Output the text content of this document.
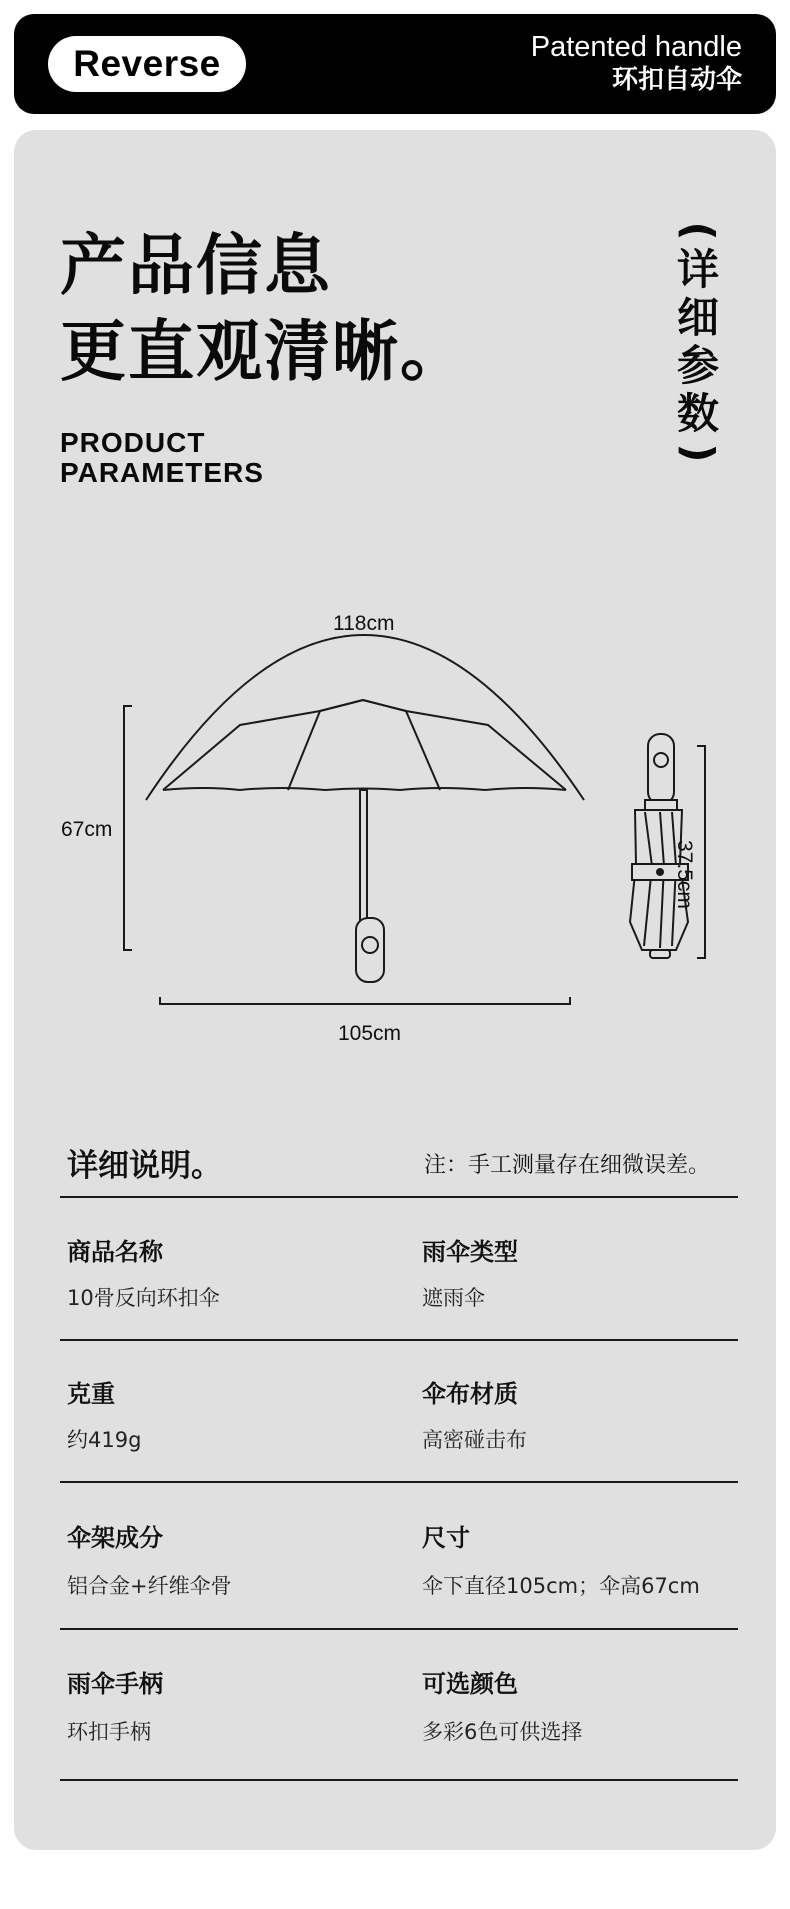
Reverse	Patented handle
环扣自动伞
产品信息
更直观清晰。
(
详
细
参
数
)
PRODUCT
PARAMETERS
118cm
67cm
105cm
37.5cm
详细说明。	注：手工测量存在细微误差。
商品名称
10骨反向环扣伞
雨伞类型
遮雨伞
克重
约419g
伞布材质
高密碰击布
伞架成分
铝合金+纤维伞骨
尺寸
伞下直径105cm；伞高67cm
雨伞手柄
环扣手柄
可选颜色
多彩6色可供选择
